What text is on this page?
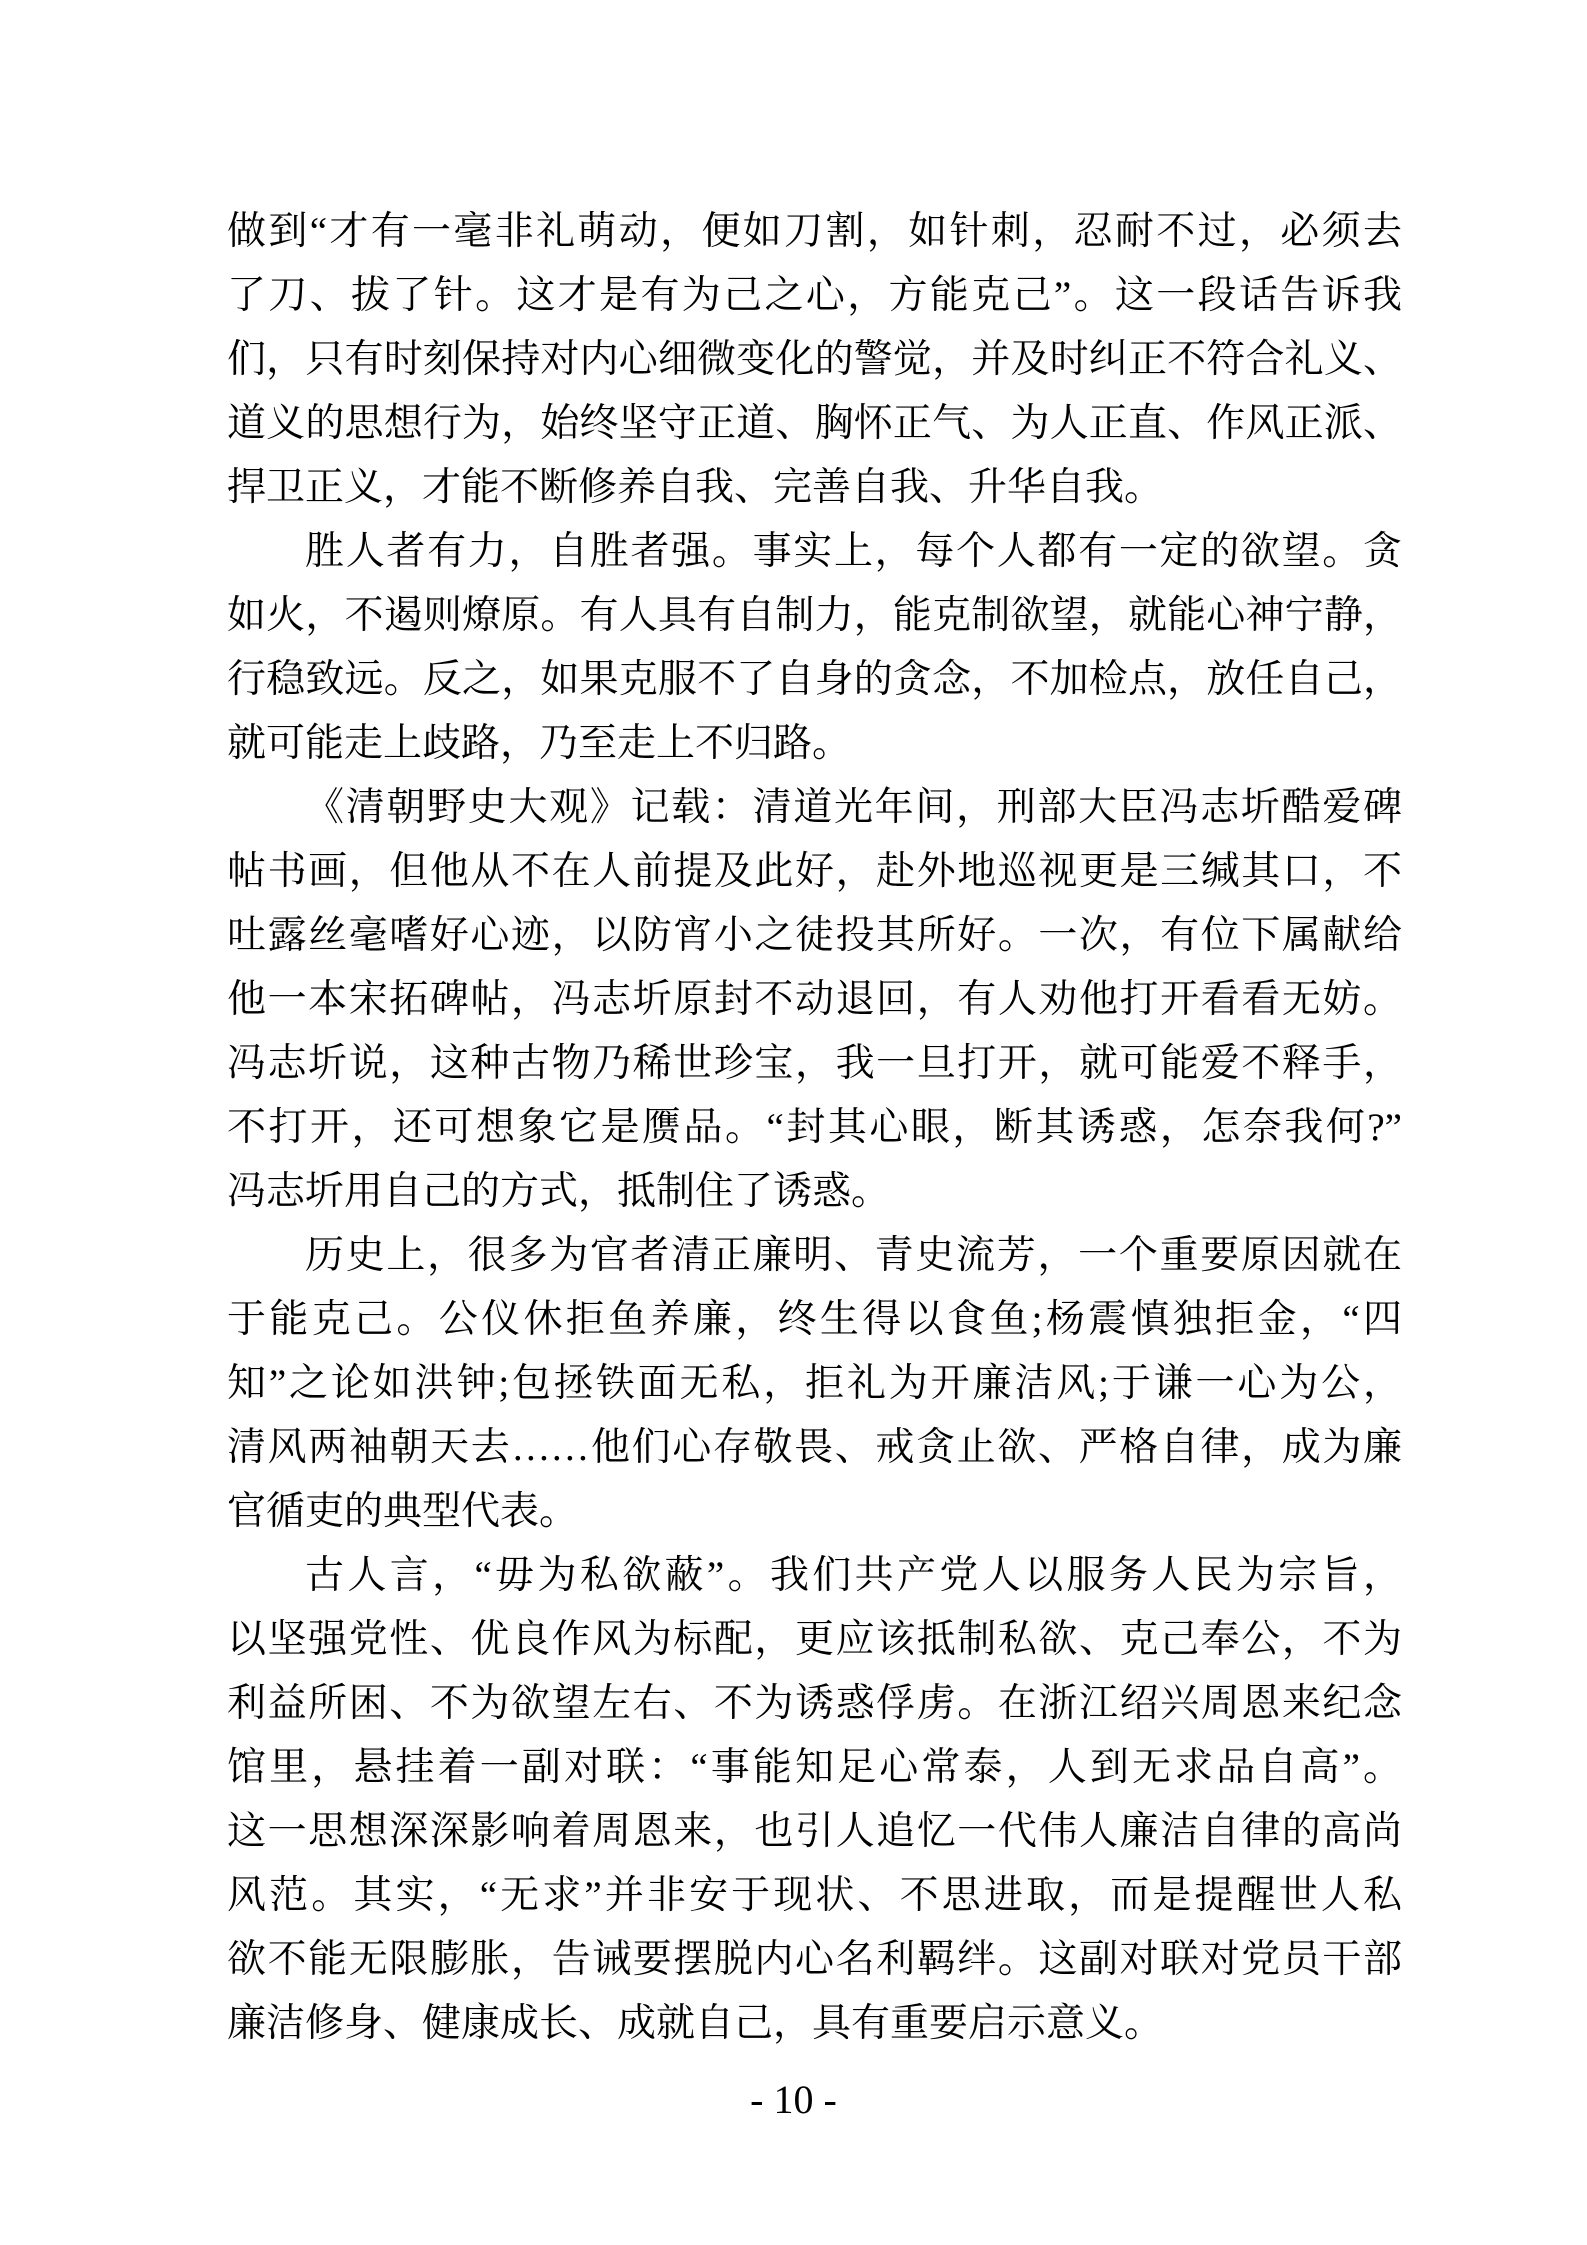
做到“才有一毫非礼萌动，便如刀割，如针刺，忍耐不过，必须去
了刀、拔了针。这才是有为己之心，方能克己”。这一段话告诉我
们，只有时刻保持对内心细微变化的警觉，并及时纠正不符合礼义、
道义的思想行为，始终坚守正道、胸怀正气、为人正直、作风正派、
捍卫正义，才能不断修养自我、完善自我、升华自我。
胜人者有力，自胜者强。事实上，每个人都有一定的欲望。贪
如火，不遏则燎原。有人具有自制力，能克制欲望，就能心神宁静，
行稳致远。反之，如果克服不了自身的贪念，不加检点，放任自己，
就可能走上歧路，乃至走上不归路。
《清朝野史大观》记载：清道光年间，刑部大臣冯志圻酷爱碑
帖书画，但他从不在人前提及此好，赴外地巡视更是三缄其口，不
吐露丝毫嗜好心迹，以防宵小之徒投其所好。一次，有位下属献给
他一本宋拓碑帖，冯志圻原封不动退回，有人劝他打开看看无妨。
冯志圻说，这种古物乃稀世珍宝，我一旦打开，就可能爱不释手，
不打开，还可想象它是赝品。“封其心眼，断其诱惑，怎奈我何?”
冯志圻用自己的方式，抵制住了诱惑。
历史上，很多为官者清正廉明、青史流芳，一个重要原因就在
于能克己。公仪休拒鱼养廉，终生得以食鱼;杨震慎独拒金，“四
知”之论如洪钟;包拯铁面无私，拒礼为开廉洁风;于谦一心为公，
清风两袖朝天去……他们心存敬畏、戒贪止欲、严格自律，成为廉
官循吏的典型代表。
古人言，“毋为私欲蔽”。我们共产党人以服务人民为宗旨，
以坚强党性、优良作风为标配，更应该抵制私欲、克己奉公，不为
利益所困、不为欲望左右、不为诱惑俘虏。在浙江绍兴周恩来纪念
馆里，悬挂着一副对联：“事能知足心常泰，人到无求品自高”。
这一思想深深影响着周恩来，也引人追忆一代伟人廉洁自律的高尚
风范。其实，“无求”并非安于现状、不思进取，而是提醒世人私
欲不能无限膨胀，告诫要摆脱内心名利羁绊。这副对联对党员干部
廉洁修身、健康成长、成就自己，具有重要启示意义。
- 10 -
